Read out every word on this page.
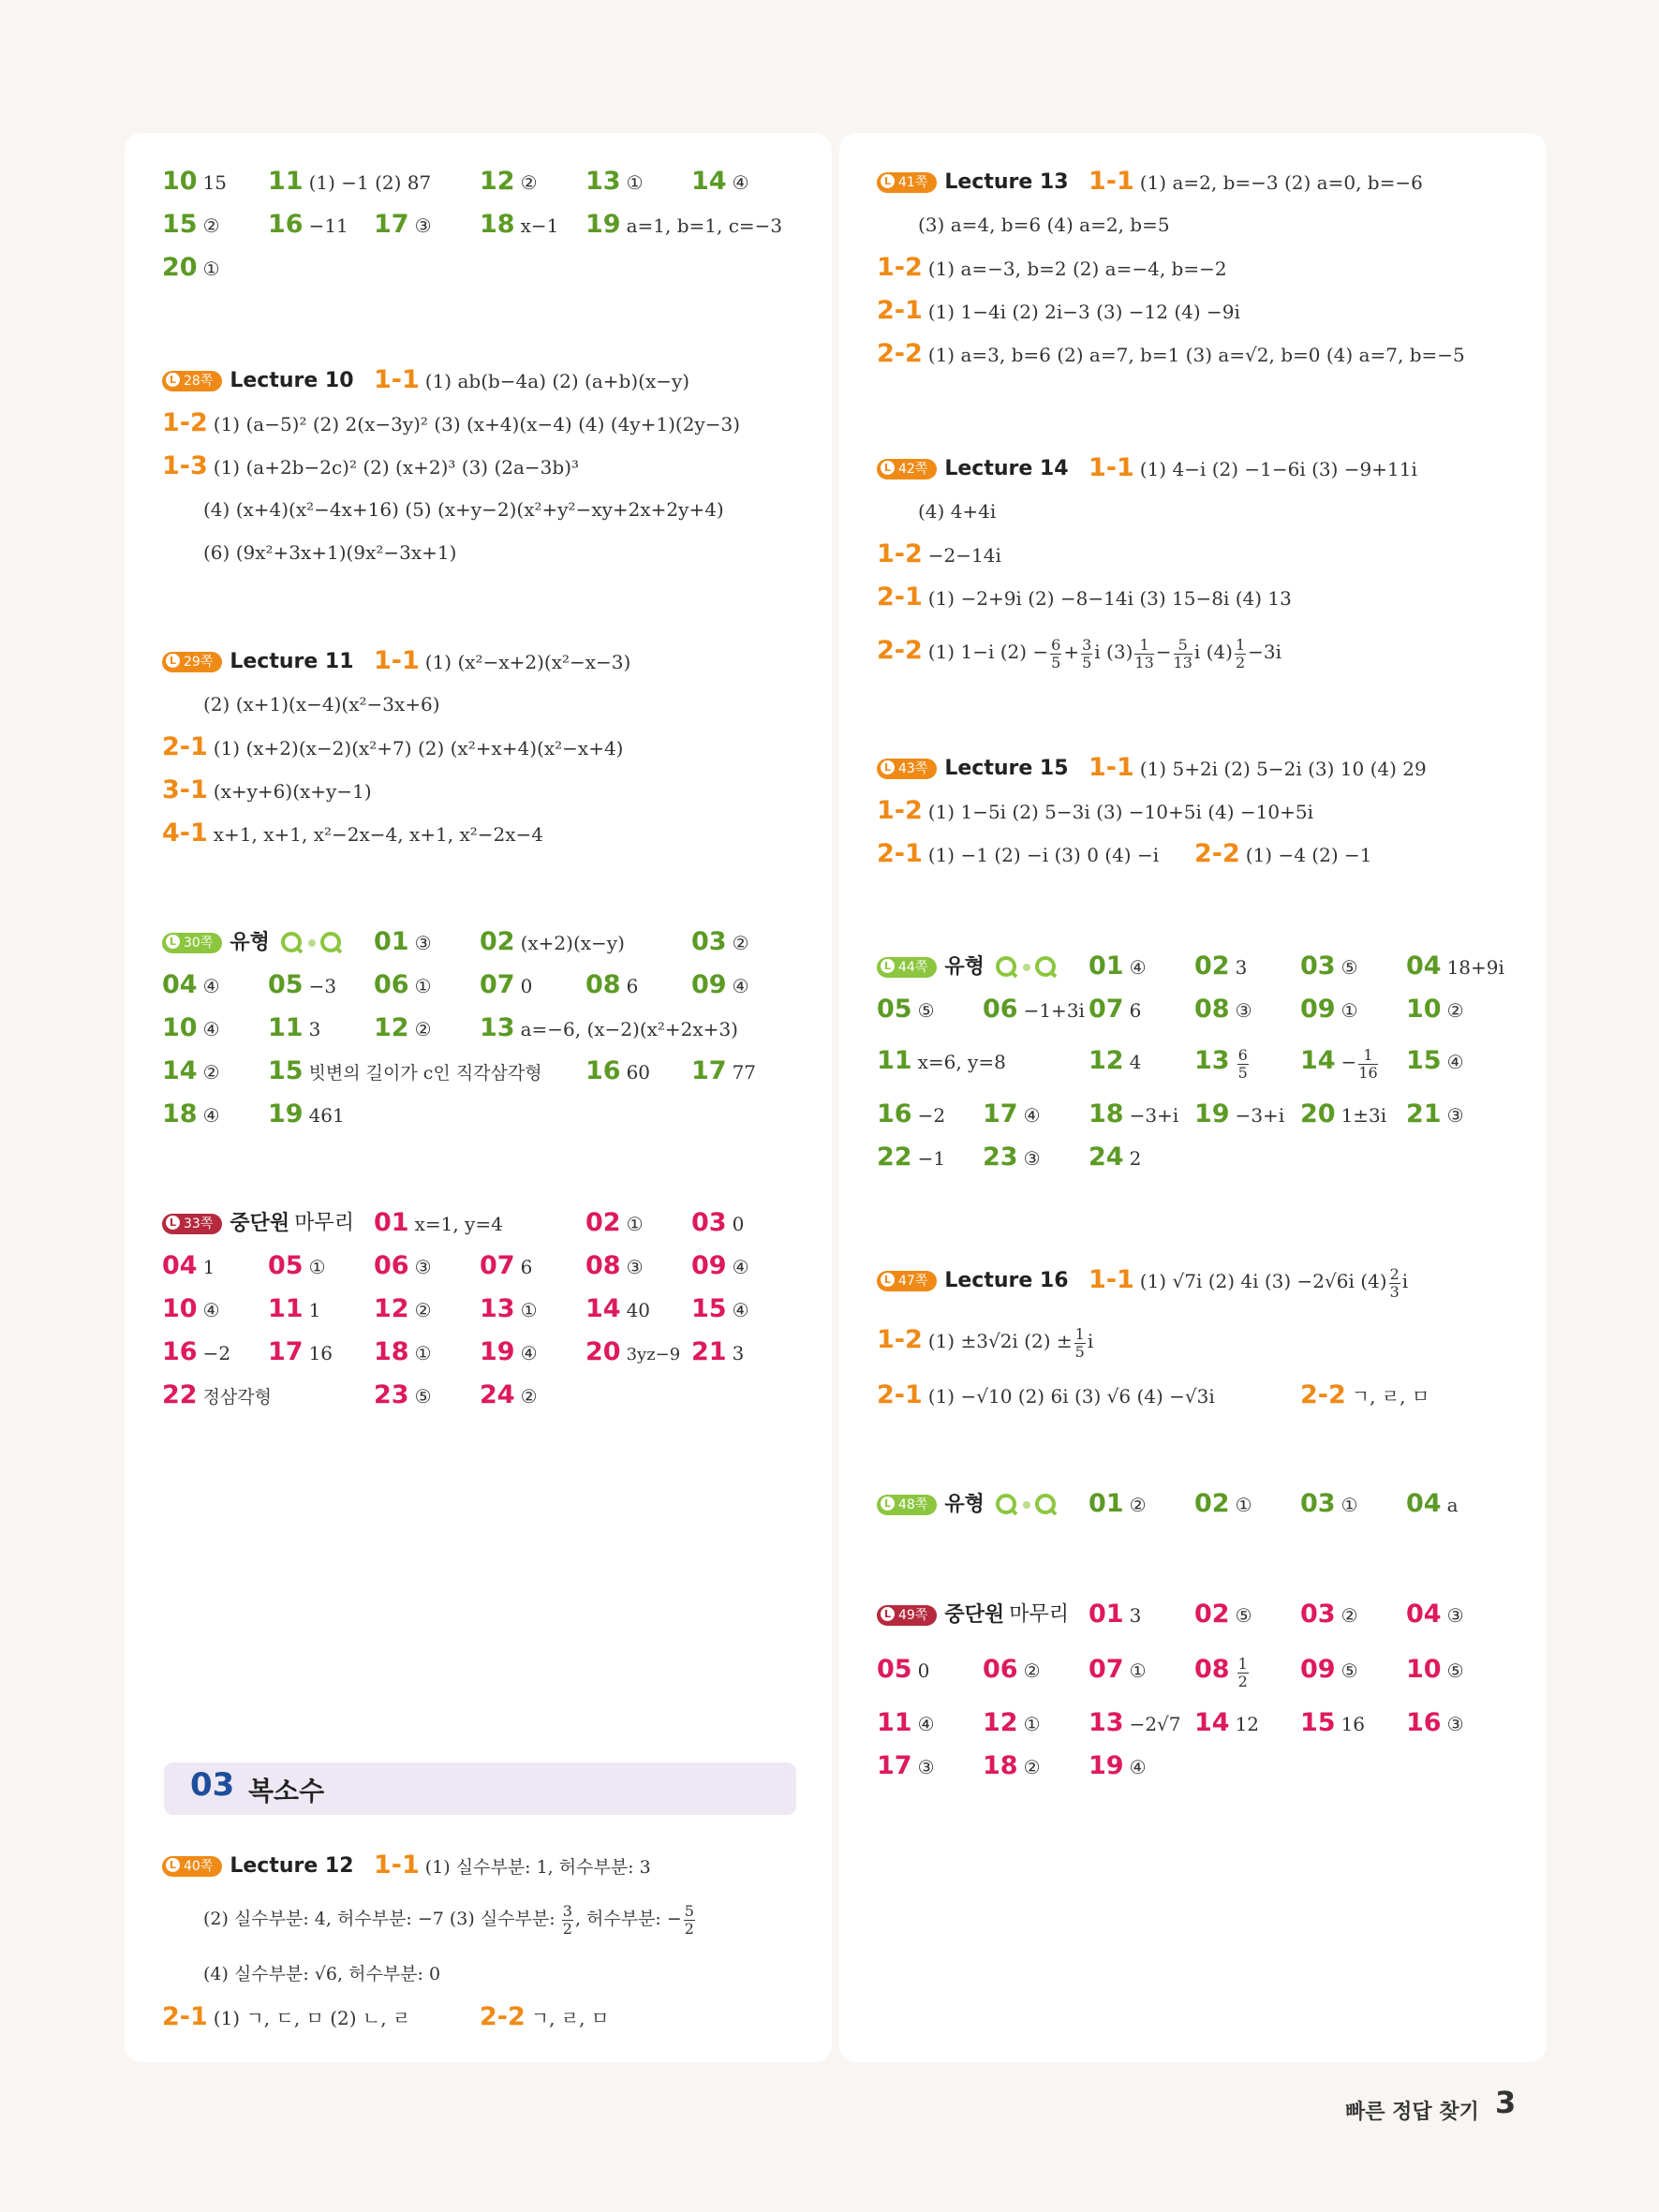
10 15 11 (1) −1 (2) 87 12 ② 13 ① 14 ④
15 ② 16 −11 17 ③ 18 x−1 19 a=1, b=1, c=−3
20 ①
L 28쪽 Lecture 10 1-1 (1) ab(b−4a) (2) (a+b)(x−y)
1-2 (1) (a−5)² (2) 2(x−3y)² (3) (x+4)(x−4) (4) (4y+1)(2y−3)
1-3 (1) (a+2b−2c)² (2) (x+2)³ (3) (2a−3b)³
(4) (x+4)(x²−4x+16) (5) (x+y−2)(x²+y²−xy+2x+2y+4)
(6) (9x²+3x+1)(9x²−3x+1)
L 29쪽 Lecture 11 1-1 (1) (x²−x+2)(x²−x−3)
(2) (x+1)(x−4)(x²−3x+6)
2-1 (1) (x+2)(x−2)(x²+7) (2) (x²+x+4)(x²−x+4)
3-1 (x+y+6)(x+y−1)
4-1 x+1, x+1, x²−2x−4, x+1, x²−2x−4
L 30쪽 유형	01 ③ 02 (x+2)(x−y)	03 ②
04 ④ 05 −3 06 ① 07 0 08 6 09 ④
10 ④ 11 3 12 ② 13 a=−6, (x−2)(x²+2x+3)
14 ② 15 빗변의 길이가 c인 직각삼각형 16 60 17 77
18 ④ 19 461
L 33쪽 중단원 마무리 01 x=1, y=4	02 ① 03 0
04 1 05 ① 06 ③ 07 6 08 ③ 09 ④
10 ④ 11 1 12 ② 13 ① 14 40 15 ④
16 −2 17 16 18 ① 19 ④ 20 3yz−9 21 3
22 정삼각형	23 ⑤ 24 ②
03 복소수
L 40쪽 Lecture 12 1-1 (1) 실수부분: 1, 허수부분: 3
(2) 실수부분: 4, 허수부분: −7 (3) 실수부분: $\frac{3}{2}$ , 허수부분: − $\frac{5}{2}$
(4) 실수부분: √6, 허수부분: 0
2-1 (1) ㄱ, ㄷ, ㅁ (2) ㄴ, ㄹ	2-2 ㄱ, ㄹ, ㅁ
L 41쪽 Lecture 13 1-1 (1) a=2, b=−3 (2) a=0, b=−6
(3) a=4, b=6 (4) a=2, b=5
1-2 (1) a=−3, b=2 (2) a=−4, b=−2
2-1 (1) 1−4i (2) 2i−3 (3) −12 (4) −9i
2-2 (1) a=3, b=6 (2) a=7, b=1 (3) a=√2, b=0 (4) a=7, b=−5
L 42쪽 Lecture 14 1-1 (1) 4−i (2) −1−6i (3) −9+11i
(4) 4+4i
1-2 −2−14i
2-1 (1) −2+9i (2) −8−14i (3) 15−8i (4) 13
2-2 (1) 1−i $(2) - \frac{6}{5} + \frac{3}{5}$ i $(3) \frac{1}{13} - \frac{5}{13}$ i $(4) \frac{1}{2} -3i$
L 43쪽 Lecture 15 1-1 (1) 5+2i (2) 5−2i (3) 10 (4) 29
1-2 (1) 1−5i (2) 5−3i (3) −10+5i (4) −10+5i
2-1 (1) −1 (2) −i (3) 0 (4) −i 2-2 (1) −4 (2) −1
L 44쪽 유형	01 ④ 02 3 03 ⑤ 04 18+9i
05 ⑤ 06 −1+3i 07 6 08 ③ 09 ① 10 ②
11 x=6, y=8	12 4 $13 \frac{6}{5} 14 - \frac{1}{16} 15$ ④
16 −2 17 ④ 18 −3+i 19 −3+i 20 1±3i 21 ③
22 −1 23 ③ 24 2
L 47쪽 Lecture 16 1-1 (1) √7i (2) 4i (3) −2√6i $(4) \frac{2}{3}$ i
1-2 (1) ±3√2i $(2) \pm \frac{1}{5}$ i
2-1 (1) −√10 (2) 6i (3) √6 (4) −√3i	2-2 ㄱ, ㄹ, ㅁ
L 48쪽 유형	01 ② 02 ① 03 ① 04 a
L 49쪽 중단원 마무리 01 3 02 ⑤ 03 ② 04 ③
05 0 06 ② 07 ① $08 \frac{1}{2} 09$ ⑤ 10 ⑤
11 ④ 12 ① 13 −2√7 14 12 15 16 16 ③
17 ③ 18 ② 19 ④
빠른 정답 찾기 3
